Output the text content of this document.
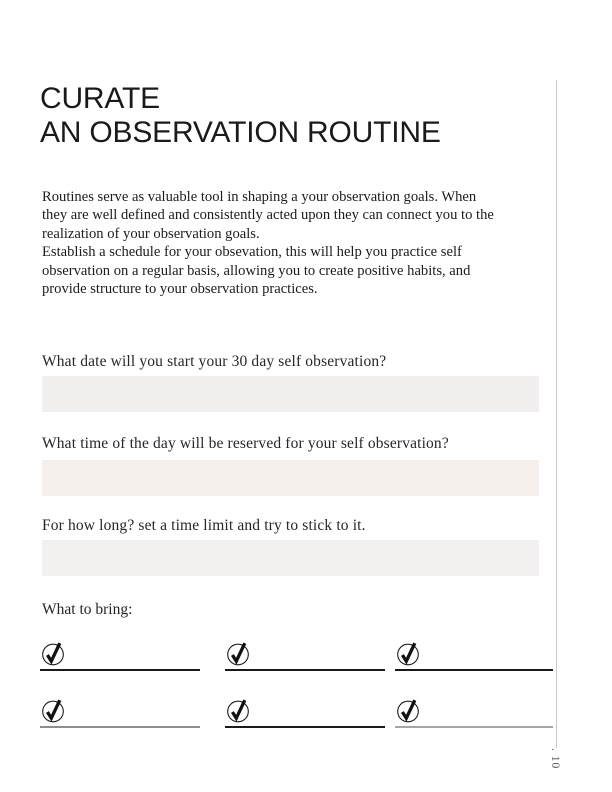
CURATE
AN OBSERVATION ROUTINE
Routines serve as valuable tool in shaping a your observation goals. When
they are well defined and consistently acted upon they can connect you to the
realization of your observation goals.
Establish a schedule for your obsevation, this will help you practice self
observation on a regular basis, allowing you to create positive habits, and
provide structure to your observation practices.
What date will you start your 30 day self observation?
What time of the day will be reserved for your self observation?
For how long? set a time limit and try to stick to it.
What to bring:
. 10
